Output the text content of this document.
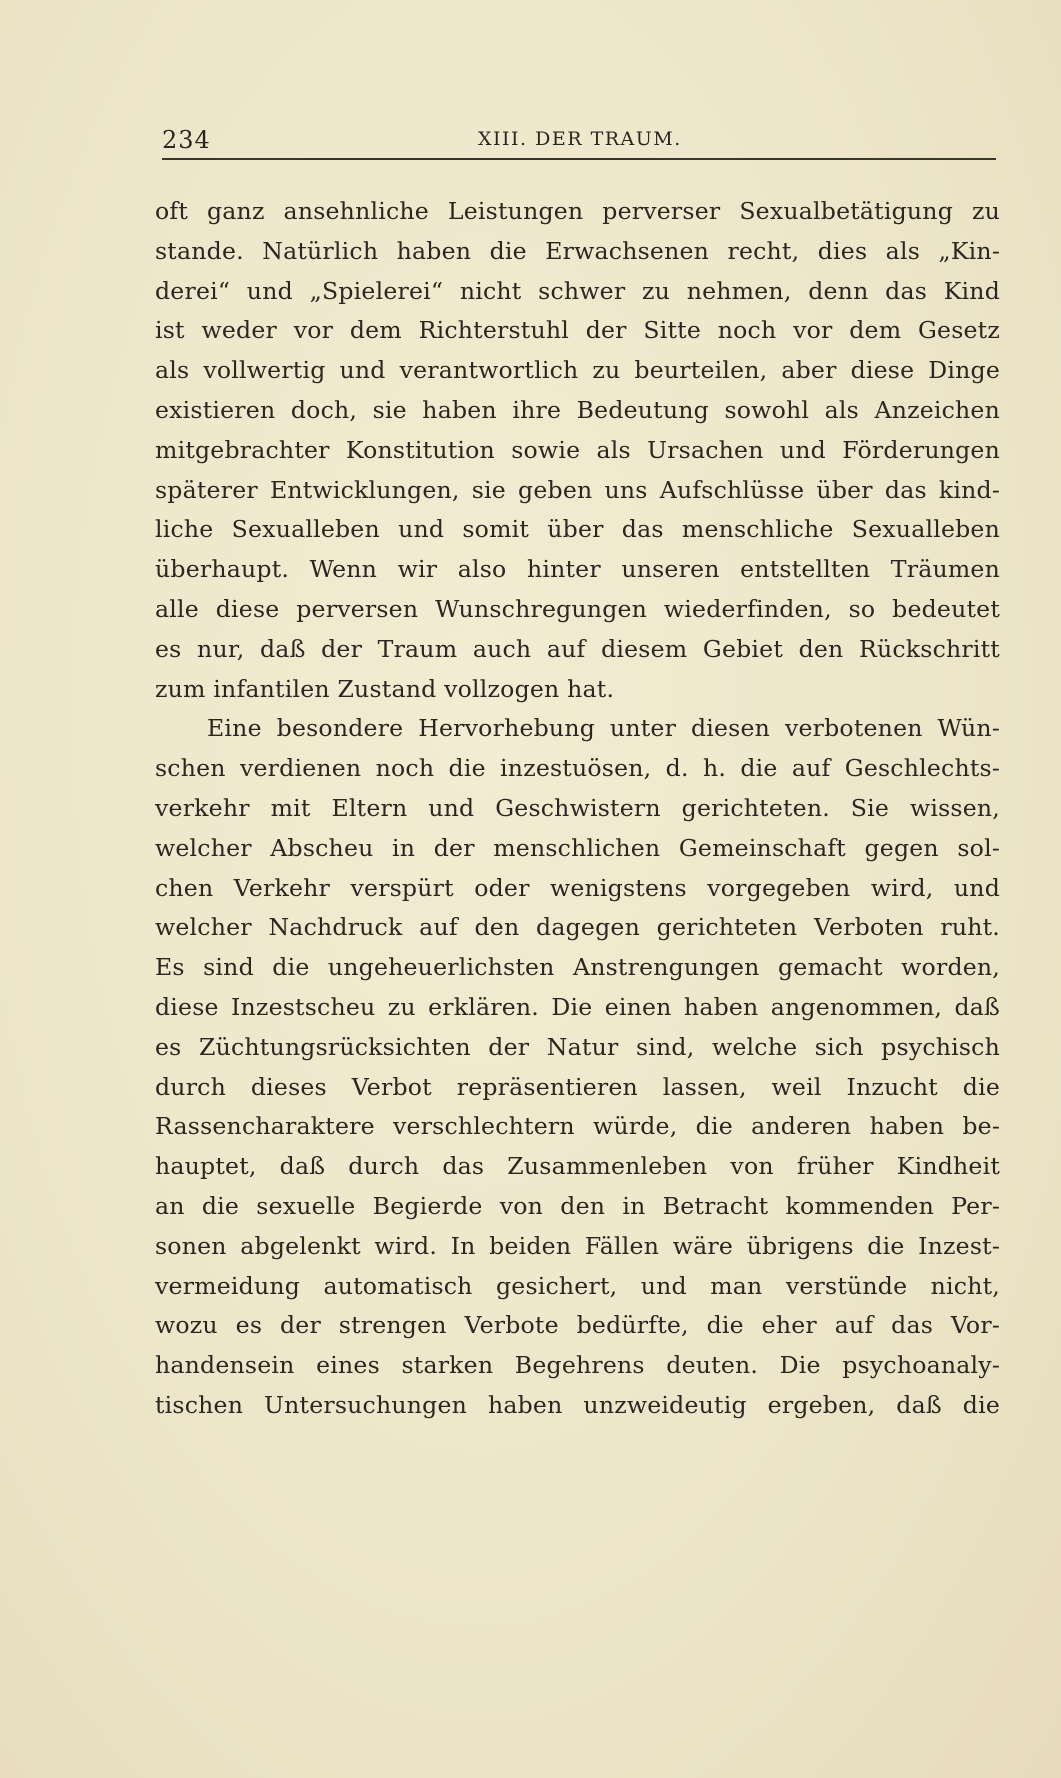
234	XIII. DER TRAUM.
oft ganz ansehnliche Leistungen perverser Sexualbetätigung zu
stande. Natürlich haben die Erwachsenen recht, dies als „Kin-
derei“ und „Spielerei“ nicht schwer zu nehmen, denn das Kind
ist weder vor dem Richterstuhl der Sitte noch vor dem Gesetz
als vollwertig und verantwortlich zu beurteilen, aber diese Dinge
existieren doch, sie haben ihre Bedeutung sowohl als Anzeichen
mitgebrachter Konstitution sowie als Ursachen und Förderungen
späterer Entwicklungen, sie geben uns Aufschlüsse über das kind-
liche Sexualleben und somit über das menschliche Sexualleben
überhaupt. Wenn wir also hinter unseren entstellten Träumen
alle diese perversen Wunschregungen wiederfinden, so bedeutet
es nur, daß der Traum auch auf diesem Gebiet den Rückschritt
zum infantilen Zustand vollzogen hat.
Eine besondere Hervorhebung unter diesen verbotenen Wün-
schen verdienen noch die inzestuösen, d. h. die auf Geschlechts-
verkehr mit Eltern und Geschwistern gerichteten. Sie wissen,
welcher Abscheu in der menschlichen Gemeinschaft gegen sol-
chen Verkehr verspürt oder wenigstens vorgegeben wird, und
welcher Nachdruck auf den dagegen gerichteten Verboten ruht.
Es sind die ungeheuerlichsten Anstrengungen gemacht worden,
diese Inzestscheu zu erklären. Die einen haben angenommen, daß
es Züchtungsrücksichten der Natur sind, welche sich psychisch
durch dieses Verbot repräsentieren lassen, weil Inzucht die
Rassencharaktere verschlechtern würde, die anderen haben be-
hauptet, daß durch das Zusammenleben von früher Kindheit
an die sexuelle Begierde von den in Betracht kommenden Per-
sonen abgelenkt wird. In beiden Fällen wäre übrigens die Inzest-
vermeidung automatisch gesichert, und man verstünde nicht,
wozu es der strengen Verbote bedürfte, die eher auf das Vor-
handensein eines starken Begehrens deuten. Die psychoanaly-
tischen Untersuchungen haben unzweideutig ergeben, daß die
